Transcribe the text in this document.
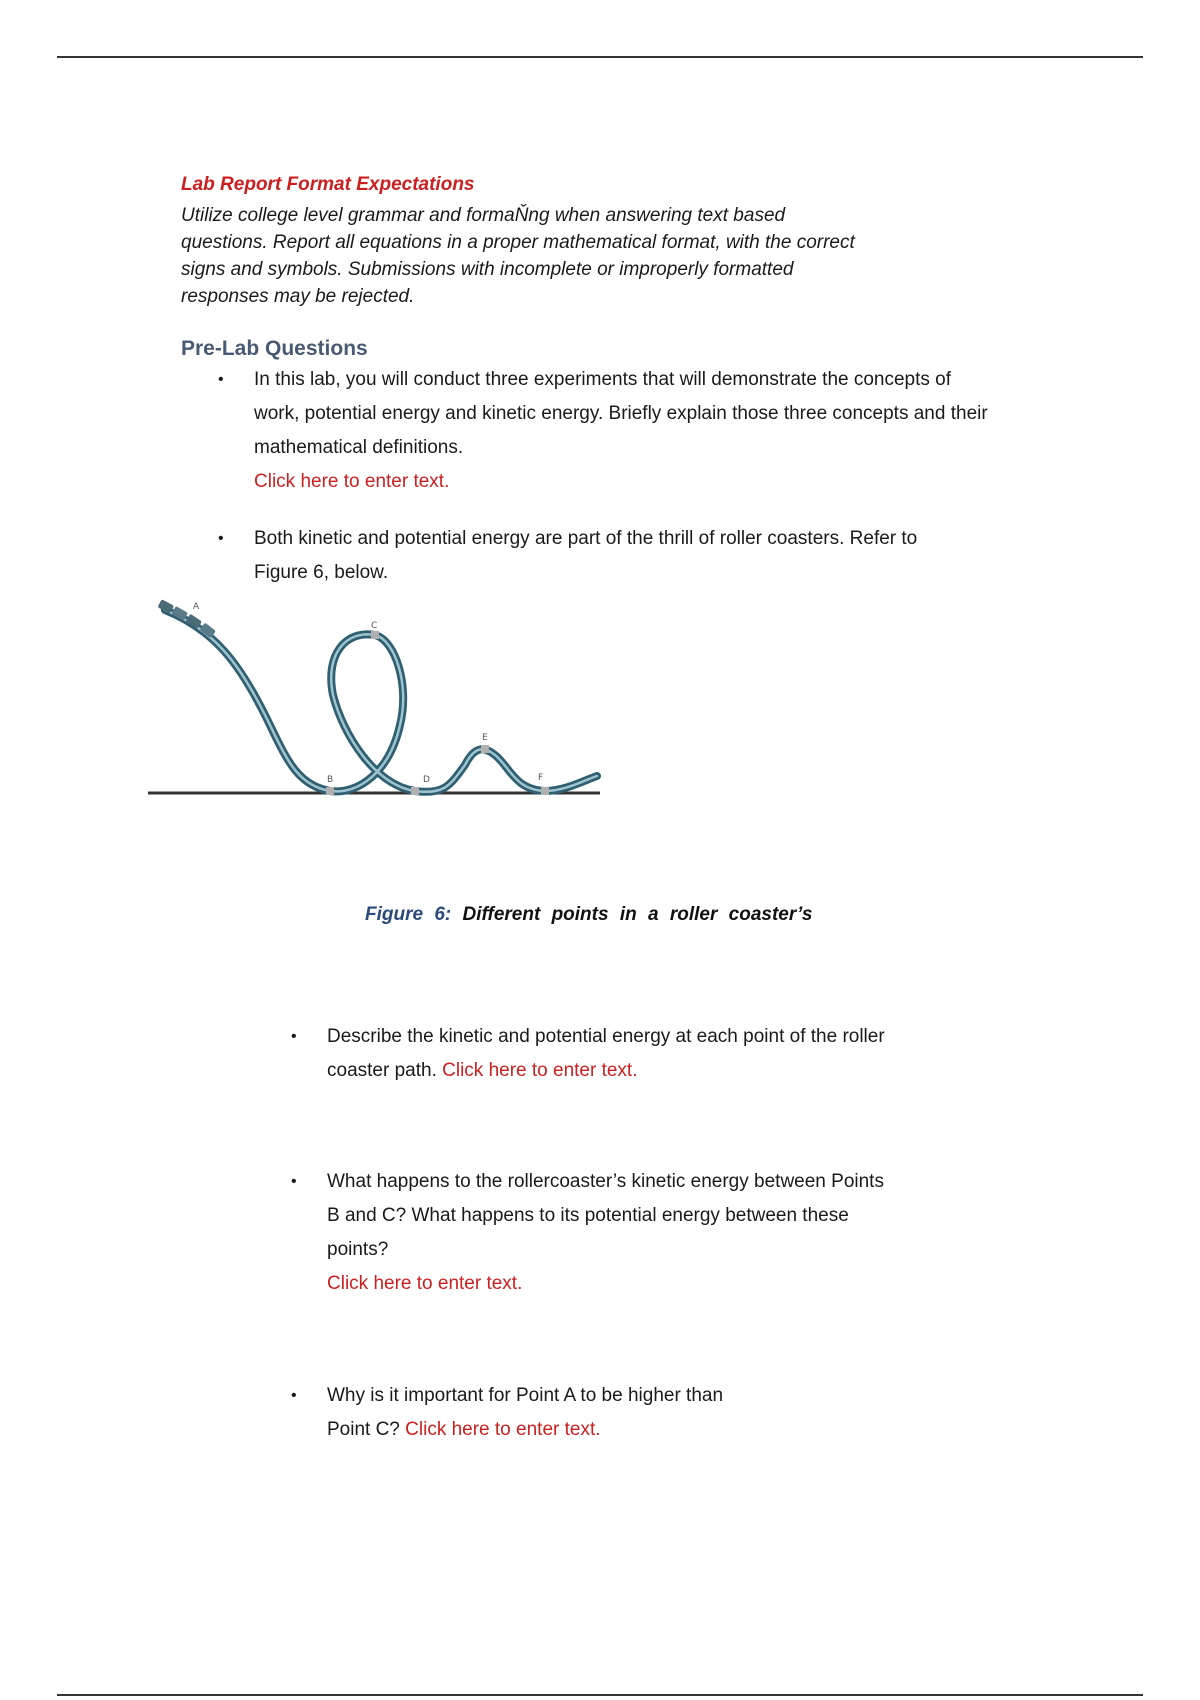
Lab Report Format Expectations
Utilize college level grammar and formaŇng when answering text based
questions. Report all equations in a proper mathematical format, with the correct
signs and symbols. Submissions with incomplete or improperly formatted
responses may be rejected.
Pre-Lab Questions
• In this lab, you will conduct three experiments that will demonstrate the concepts of
work, potential energy and kinetic energy. Briefly explain those three concepts and their
mathematical definitions.
Click here to enter text.
• Both kinetic and potential energy are part of the thrill of roller coasters. Refer to
Figure 6, below.
A
B
C
D
E
F

Figure 6: Different points in a roller coaster’s

• Describe the kinetic and potential energy at each point of the roller
coaster path. Click here to enter text.
• What happens to the rollercoaster’s kinetic energy between Points
B and C? What happens to its potential energy between these
points?
Click here to enter text.
• Why is it important for Point A to be higher than
Point C? Click here to enter text.
